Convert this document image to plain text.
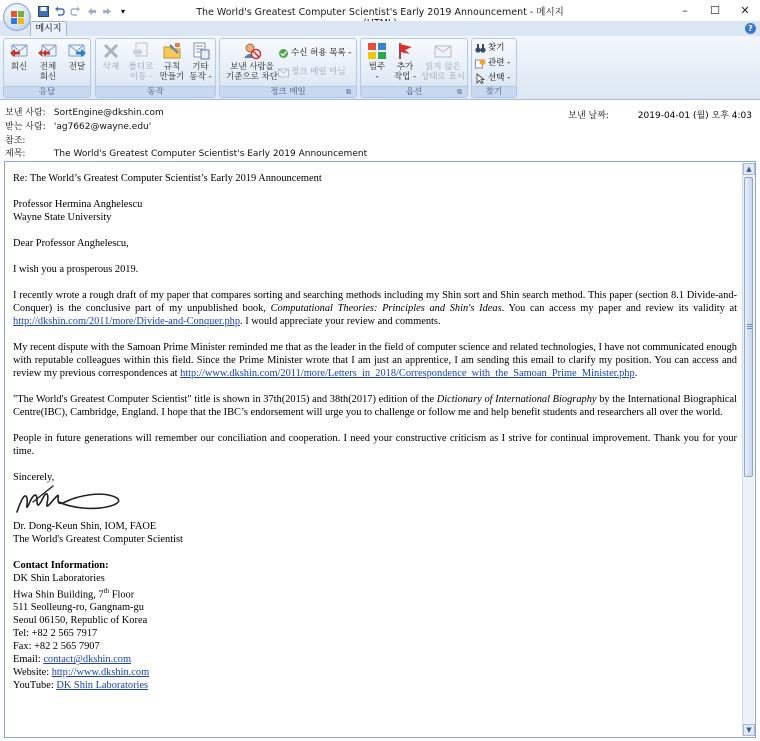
▾	The World's Greatest Computer Scientist's Early 2019 Announcement - 메시지	–	☐	✕
메시지	?
회신	전체
회신
전달
응답
삭제	폴더로
이동 -
규칙
만들기
기타
동작 -
동작
보낸 사람을
기준으로 차단
수신 허용 목록 -
정크 메일 아님
정크 메일	⧉
범주
-
추가
작업 -
읽지 않은
상태로 표시
옵션	⧉
찾기
관련 -
선택 -
찾기
보낸 사람: SortEngine@dkshin.com
받는 사람: 'ag7662@wayne.edu'
참조:
제목:	The World's Greatest Computer Scientist's Early 2019 Announcement
보낸 날짜:	2019-04-01 (월) 오후 4:03

Re: The World’s Greatest Computer Scientist’s Early 2019 Announcement

Professor Hermina Anghelescu

Wayne State University

Dear Professor Anghelescu,

I wish you a prosperous 2019.

I recently wrote a rough draft of my paper that compares sorting and searching methods including my Shin sort and Shin search method. This paper (section 8.1 Divide-and-Conquer) is the conclusive part of my unpublished book, Computational Theories: Principles and Shin's Ideas. You can access my paper and review its validity at http://dkshin.com/2011/more/Divide-and-Conquer.php. I would appreciate your review and comments.

My recent dispute with the Samoan Prime Minister reminded me that as the leader in the field of computer science and related technologies, I have not communicated enough with reputable colleagues within this field. Since the Prime Minister wrote that I am just an apprentice, I am sending this email to clarify my position. You can access and review my previous correspondences at http://www.dkshin.com/2011/more/Letters_in_2018/Correspondence_with_the_Samoan_Prime_Minister.php.

"The World's Greatest Computer Scientist" title is shown in 37th(2015) and 38th(2017) edition of the Dictionary of International Biography by the International Biographical Centre(IBC), Cambridge, England. I hope that the IBC’s endorsement will urge you to challenge or follow me and help benefit students and researchers all over the world.

People in future generations will remember our conciliation and cooperation. I need your constructive criticism as I strive for continual improvement. Thank you for your time.

Sincerely,

Dr. Dong-Keun Shin, IOM, FAOE

The World's Greatest Computer Scientist

Contact Information:

DK Shin Laboratories

Hwa Shin Building, 7th Floor

511 Seolleung-ro, Gangnam-gu

Seoul 06150, Republic of Korea

Tel: +82 2 565 7917

Fax: +82 2 565 7907

Email: contact@dkshin.com

Website: http://www.dkshin.com

YouTube: DK Shin Laboratories

▲
▼
